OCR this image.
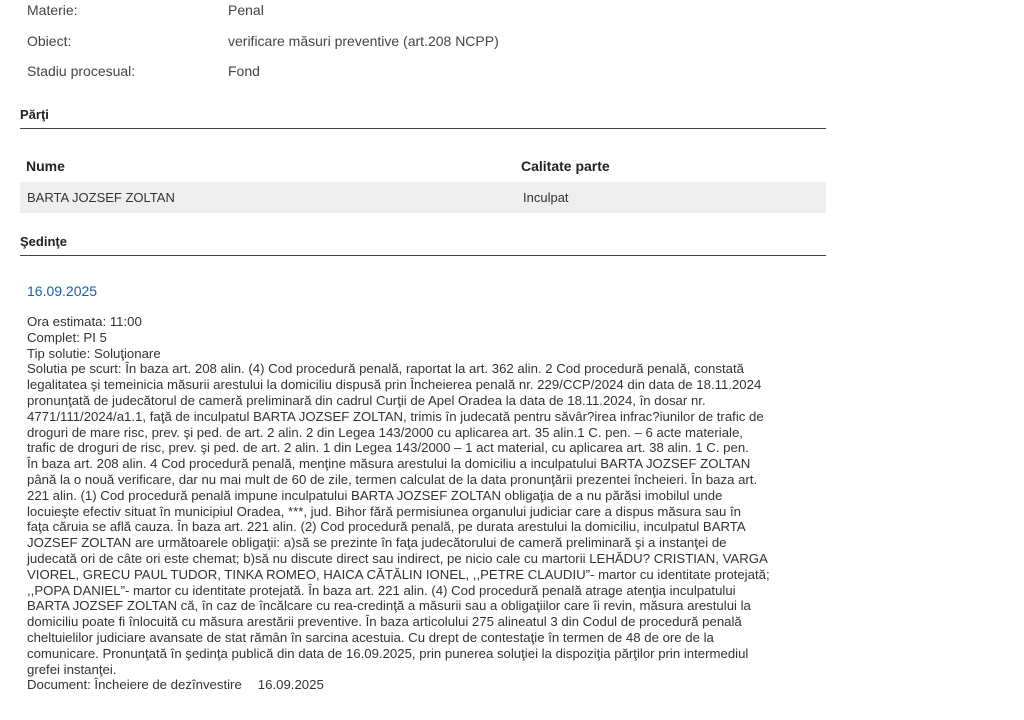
Materie:	Penal
Obiect:	verificare măsuri preventive (art.208 NCPP)
Stadiu procesual:	Fond
Părţi
Nume	Calitate parte
BARTA JOZSEF ZOLTAN	Inculpat
Şedinţe
16.09.2025
Ora estimata: 11:00
Complet: PI 5
Tip solutie: Soluţionare
Solutia pe scurt: În baza art. 208 alin. (4) Cod procedură penală, raportat la art. 362 alin. 2 Cod procedură penală, constată
legalitatea şi temeinicia măsurii arestului la domiciliu dispusă prin Încheierea penală nr. 229/CCP/2024 din data de 18.11.2024
pronunţată de judecătorul de cameră preliminară din cadrul Curţii de Apel Oradea la data de 18.11.2024, în dosar nr.
4771/111/2024/a1.1, faţă de inculpatul BARTA JOZSEF ZOLTAN, trimis în judecată pentru săvâr?irea infrac?iunilor de trafic de
droguri de mare risc, prev. şi ped. de art. 2 alin. 2 din Legea 143/2000 cu aplicarea art. 35 alin.1 C. pen. – 6 acte materiale,
trafic de droguri de risc, prev. şi ped. de art. 2 alin. 1 din Legea 143/2000 – 1 act material, cu aplicarea art. 38 alin. 1 C. pen.
În baza art. 208 alin. 4 Cod procedură penală, menţine măsura arestului la domiciliu a inculpatului BARTA JOZSEF ZOLTAN
până la o nouă verificare, dar nu mai mult de 60 de zile, termen calculat de la data pronunţării prezentei încheieri. În baza art.
221 alin. (1) Cod procedură penală impune inculpatului BARTA JOZSEF ZOLTAN obligaţia de a nu părăsi imobilul unde
locuieşte efectiv situat în municipiul Oradea, ***, jud. Bihor fără permisiunea organului judiciar care a dispus măsura sau în
faţa căruia se află cauza. În baza art. 221 alin. (2) Cod procedură penală, pe durata arestului la domiciliu, inculpatul BARTA
JOZSEF ZOLTAN are următoarele obligaţii: a)să se prezinte în faţa judecătorului de cameră preliminară şi a instanţei de
judecată ori de câte ori este chemat; b)să nu discute direct sau indirect, pe nicio cale cu martorii LEHĂDU? CRISTIAN, VARGA
VIOREL, GRECU PAUL TUDOR, TINKA ROMEO, HAICA CĂTĂLIN IONEL, ,,PETRE CLAUDIU”- martor cu identitate protejată;
,,POPA DANIEL”- martor cu identitate protejată. În baza art. 221 alin. (4) Cod procedură penală atrage atenţia inculpatului
BARTA JOZSEF ZOLTAN că, în caz de încălcare cu rea-credinţă a măsurii sau a obligaţiilor care îi revin, măsura arestului la
domiciliu poate fi înlocuită cu măsura arestării preventive. În baza articolului 275 alineatul 3 din Codul de procedură penală
cheltuielilor judiciare avansate de stat rămân în sarcina acestuia. Cu drept de contestaţie în termen de 48 de ore de la
comunicare. Pronunţată în şedinţa publică din data de 16.09.2025, prin punerea soluţiei la dispoziţia părţilor prin intermediul
grefei instanţei.
Document: Încheiere de dezînvestire 16.09.2025
